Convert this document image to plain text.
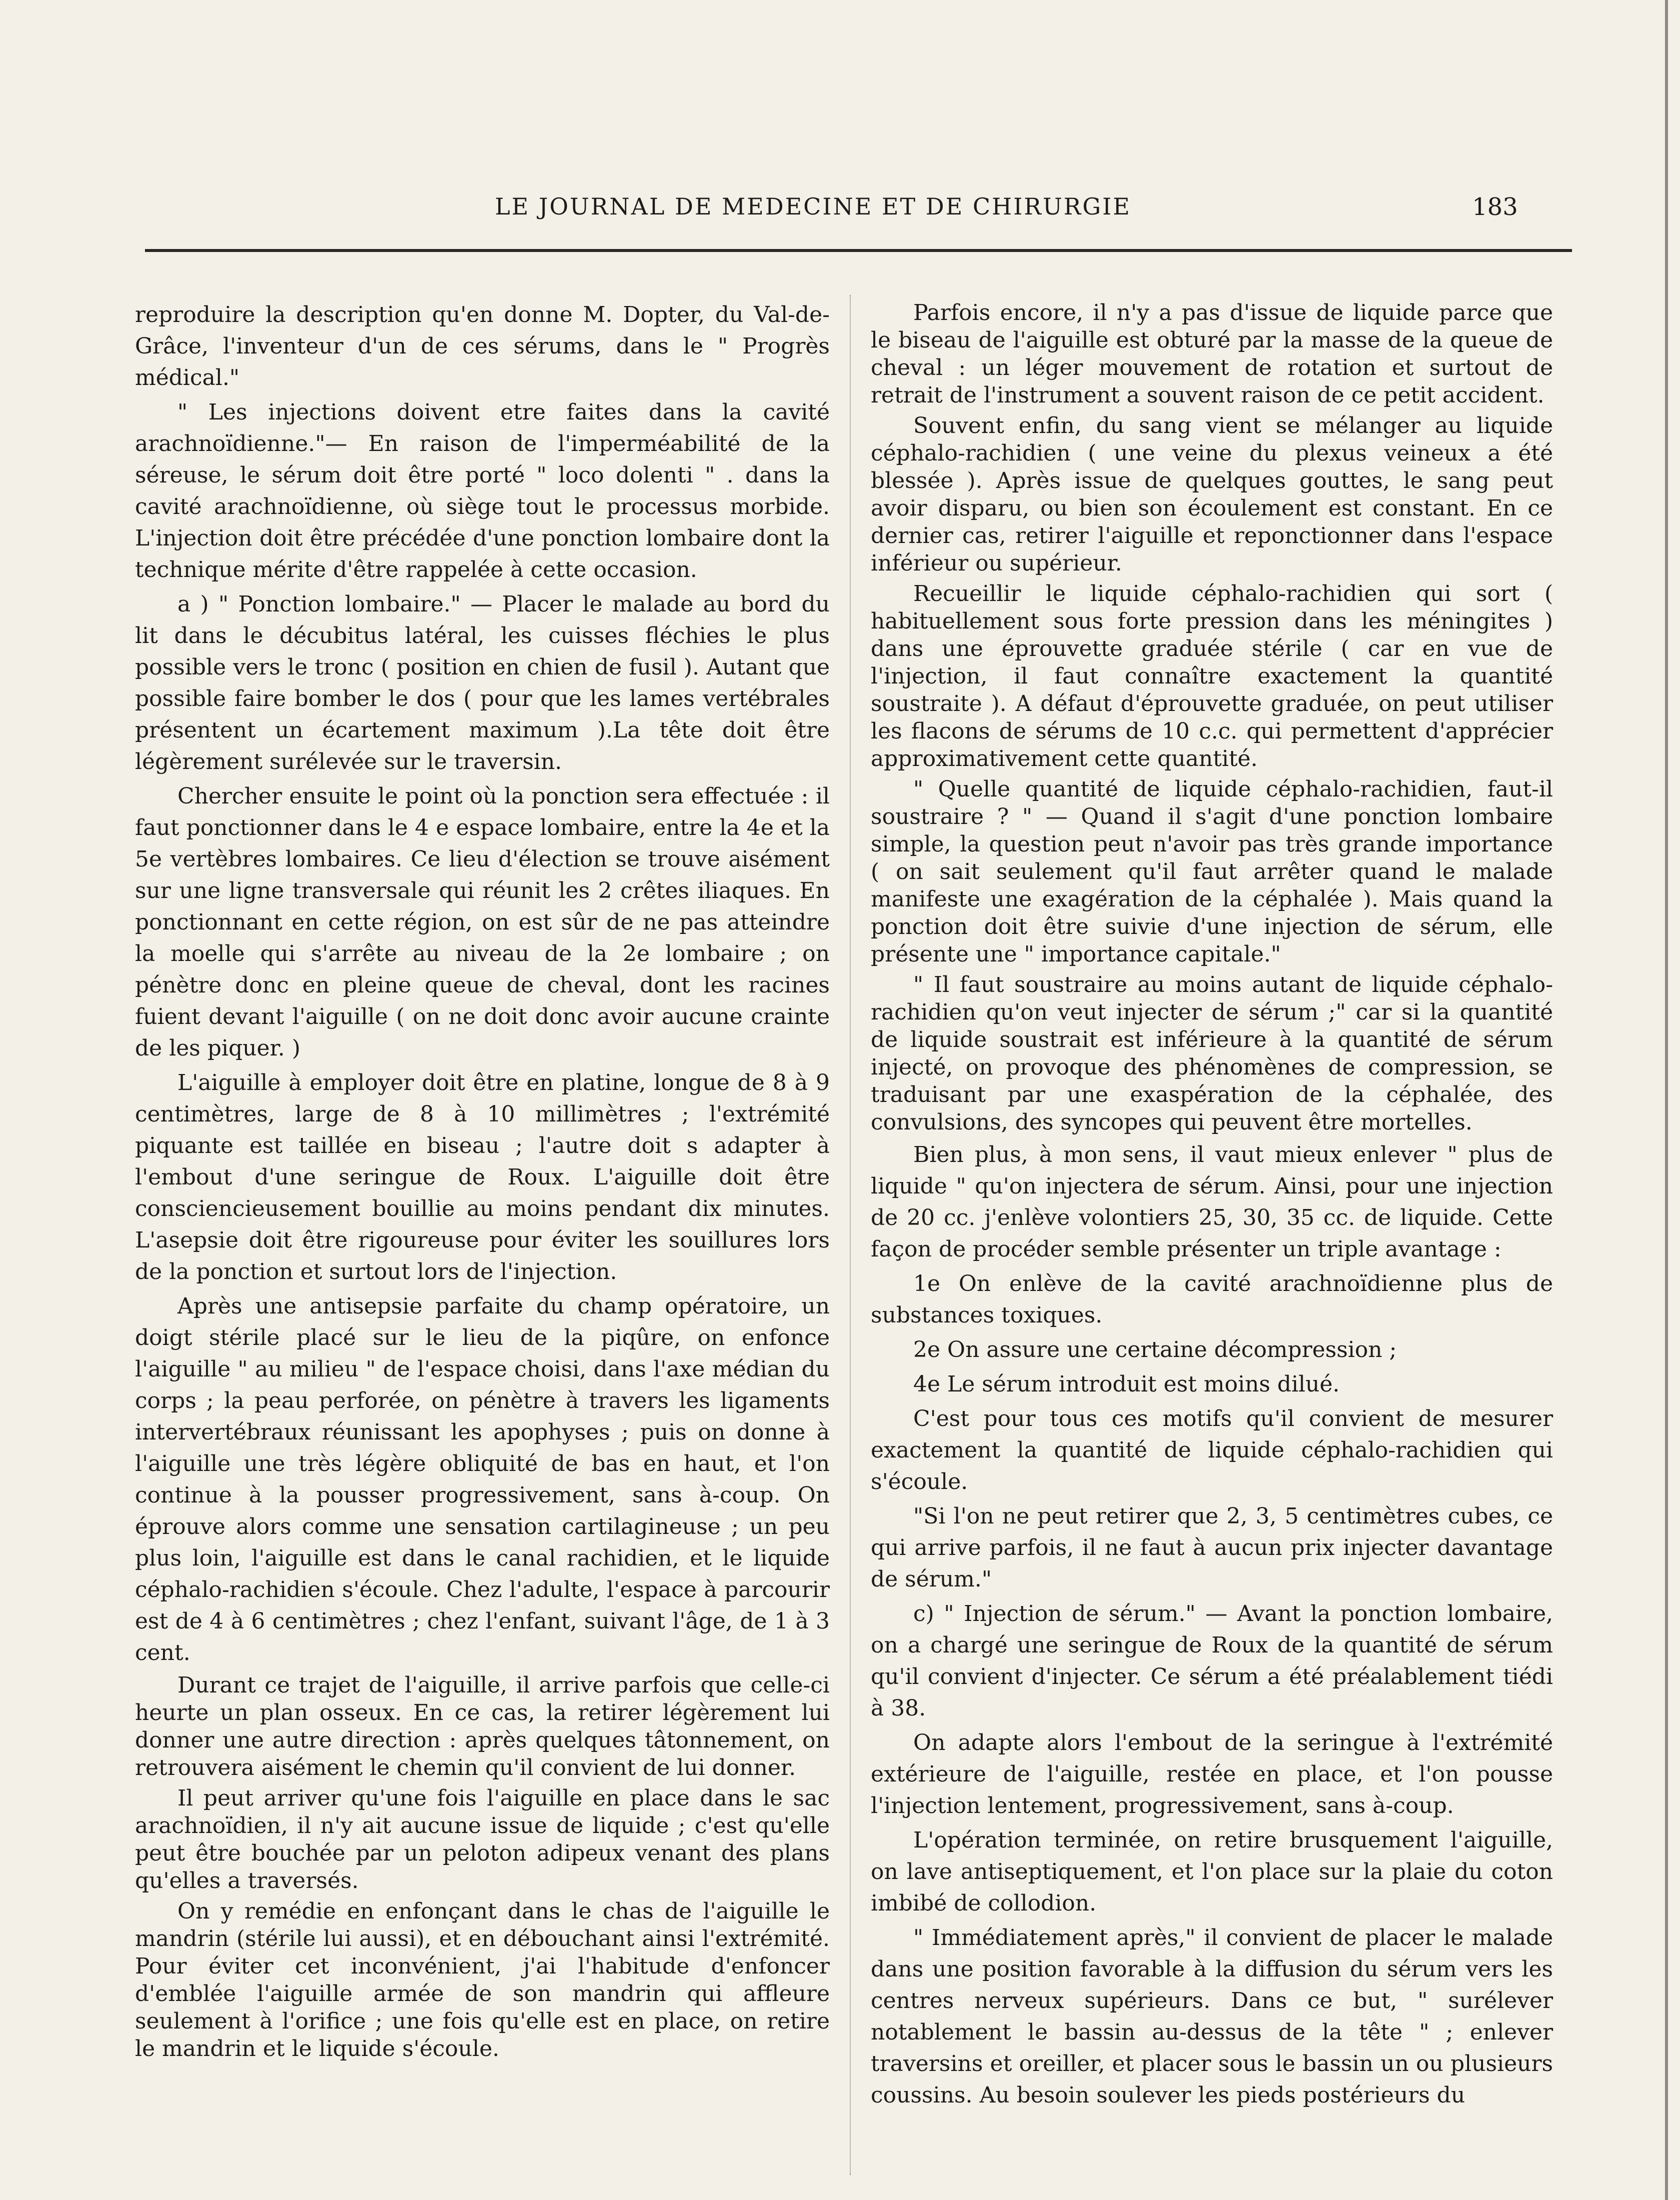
LE JOURNAL DE MEDECINE ET DE CHIRURGIE	183

reproduire la description qu'en donne M. Dopter, du Val-de-Grâce, l'inventeur d'un de ces sérums, dans le " Progrès médical."

" Les injections doivent etre faites dans la cavité arachnoïdienne."— En raison de l'imperméabilité de la séreuse, le sérum doit être porté " loco dolenti " . dans la cavité arachnoïdienne, où siège tout le processus morbide. L'injection doit être précédée d'une ponction lombaire dont la technique mérite d'être rappelée à cette occasion.

a ) " Ponction lombaire." — Placer le malade au bord du lit dans le décubitus latéral, les cuisses fléchies le plus possible vers le tronc ( position en chien de fusil ). Autant que possible faire bomber le dos ( pour que les lames vertébrales présentent un écartement maximum ).La tête doit être légèrement surélevée sur le traversin.

Chercher ensuite le point où la ponction sera effectuée : il faut ponctionner dans le 4 e espace lombaire, entre la 4e et la 5e vertèbres lombaires. Ce lieu d'élection se trouve aisément sur une ligne transversale qui réunit les 2 crêtes iliaques. En ponctionnant en cette région, on est sûr de ne pas atteindre la moelle qui s'arrête au niveau de la 2e lombaire ; on pénètre donc en pleine queue de cheval, dont les racines fuient devant l'aiguille ( on ne doit donc avoir aucune crainte de les piquer. )

L'aiguille à employer doit être en platine, longue de 8 à 9 centimètres, large de 8 à 10 millimètres ; l'extrémité piquante est taillée en biseau ; l'autre doit s adapter à l'embout d'une seringue de Roux. L'aiguille doit être consciencieusement bouillie au moins pendant dix minutes. L'asepsie doit être rigoureuse pour éviter les souillures lors de la ponction et surtout lors de l'injection.

Après une antisepsie parfaite du champ opératoire, un doigt stérile placé sur le lieu de la piqûre, on enfonce l'aiguille " au milieu " de l'espace choisi, dans l'axe médian du corps ; la peau perforée, on pénètre à travers les ligaments intervertébraux réunissant les apophyses ; puis on donne à l'aiguille une très légère obliquité de bas en haut, et l'on continue à la pousser progressivement, sans à-coup. On éprouve alors comme une sensation cartilagineuse ; un peu plus loin, l'aiguille est dans le canal rachidien, et le liquide céphalo-rachidien s'écoule. Chez l'adulte, l'espace à parcourir est de 4 à 6 centimètres ; chez l'enfant, suivant l'âge, de 1 à 3 cent.

Durant ce trajet de l'aiguille, il arrive parfois que celle-ci heurte un plan osseux. En ce cas, la retirer légèrement lui donner une autre direction : après quelques tâtonnement, on retrouvera aisément le chemin qu'il convient de lui donner.

Il peut arriver qu'une fois l'aiguille en place dans le sac arachnoïdien, il n'y ait aucune issue de liquide ; c'est qu'elle peut être bouchée par un peloton adipeux venant des plans qu'elles a traversés.

On y remédie en enfonçant dans le chas de l'aiguille le mandrin (stérile lui aussi), et en débouchant ainsi l'extrémité. Pour éviter cet inconvénient, j'ai l'habitude d'enfoncer d'emblée l'aiguille armée de son mandrin qui affleure seulement à l'orifice ; une fois qu'elle est en place, on retire le mandrin et le liquide s'écoule.

Parfois encore, il n'y a pas d'issue de liquide parce que le biseau de l'aiguille est obturé par la masse de la queue de cheval : un léger mouvement de rotation et surtout de retrait de l'instrument a souvent raison de ce petit accident.

Souvent enfin, du sang vient se mélanger au liquide céphalo-rachidien ( une veine du plexus veineux a été blessée ). Après issue de quelques gouttes, le sang peut avoir disparu, ou bien son écoulement est constant. En ce dernier cas, retirer l'aiguille et reponctionner dans l'espace inférieur ou supérieur.

Recueillir le liquide céphalo-rachidien qui sort ( habituellement sous forte pression dans les méningites ) dans une éprouvette graduée stérile ( car en vue de l'injection, il faut connaître exactement la quantité soustraite ). A défaut d'éprouvette graduée, on peut utiliser les flacons de sérums de 10 c.c. qui permettent d'apprécier approximativement cette quantité.

" Quelle quantité de liquide céphalo-rachidien, faut-il soustraire ? " — Quand il s'agit d'une ponction lombaire simple, la question peut n'avoir pas très grande importance ( on sait seulement qu'il faut arrêter quand le malade manifeste une exagération de la céphalée ). Mais quand la ponction doit être suivie d'une injection de sérum, elle présente une " importance capitale."

" Il faut soustraire au moins autant de liquide céphalo-rachidien qu'on veut injecter de sérum ;" car si la quantité de liquide soustrait est inférieure à la quantité de sérum injecté, on provoque des phénomènes de compression, se traduisant par une exaspération de la céphalée, des convulsions, des syncopes qui peuvent être mortelles.

Bien plus, à mon sens, il vaut mieux enlever " plus de liquide " qu'on injectera de sérum. Ainsi, pour une injection de 20 cc. j'enlève volontiers 25, 30, 35 cc. de liquide. Cette façon de procéder semble présenter un triple avantage :

1e On enlève de la cavité arachnoïdienne plus de substances toxiques.

2e On assure une certaine décompression ;

4e Le sérum introduit est moins dilué.

C'est pour tous ces motifs qu'il convient de mesurer exactement la quantité de liquide céphalo-rachidien qui s'écoule.

"Si l'on ne peut retirer que 2, 3, 5 centimètres cubes, ce qui arrive parfois, il ne faut à aucun prix injecter davantage de sérum."

c) " Injection de sérum." — Avant la ponction lombaire, on a chargé une seringue de Roux de la quantité de sérum qu'il convient d'injecter. Ce sérum a été préalablement tiédi à 38.

On adapte alors l'embout de la seringue à l'extrémité extérieure de l'aiguille, restée en place, et l'on pousse l'injection lentement, progressivement, sans à-coup.

L'opération terminée, on retire brusquement l'aiguille, on lave antiseptiquement, et l'on place sur la plaie du coton imbibé de collodion.

" Immédiatement après," il convient de placer le malade dans une position favorable à la diffusion du sérum vers les centres nerveux supérieurs. Dans ce but, " surélever notablement le bassin au-dessus de la tête " ; enlever traversins et oreiller, et placer sous le bassin un ou plusieurs coussins. Au besoin soulever les pieds postérieurs du
